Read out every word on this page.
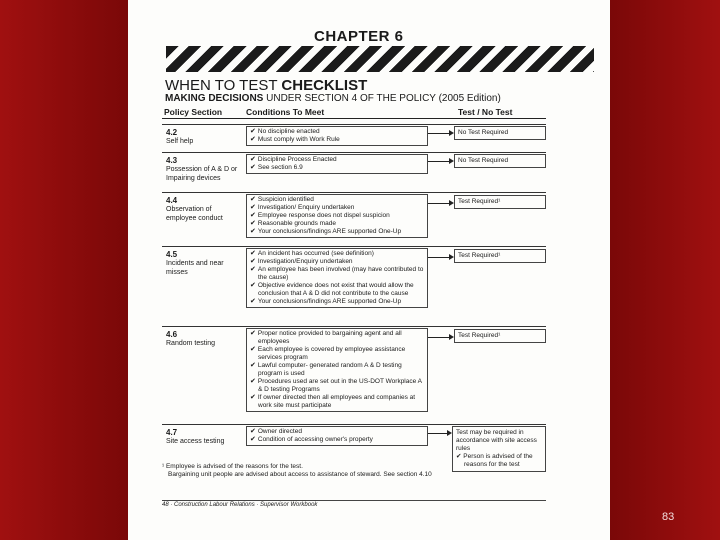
CHAPTER 6
WHEN TO TEST CHECKLIST
MAKING DECISIONS UNDER SECTION 4 OF THE POLICY (2005 Edition)
Policy Section	Conditions To Meet	Test / No Test
4.2
Self help
✔ No discipline enacted
✔ Must comply with Work Rule
No Test Required
4.3
Possession of A & D or Impairing devices
✔ Discipline Process Enacted
✔ See section 6.9
No Test Required
4.4
Observation of employee conduct
✔ Suspicion identified
✔ Investigation/ Enquiry undertaken
✔ Employee response does not dispel suspicion
✔ Reasonable grounds made
✔ Your conclusions/findings ARE supported One-Up
Test Required¹
4.5
Incidents and near misses
✔ An incident has occurred (see definition)
✔ Investigation/Enquiry undertaken
✔ An employee has been involved (may have contributed to the cause)
✔ Objective evidence does not exist that would allow the conclusion that A & D did not contribute to the cause
✔ Your conclusions/findings ARE supported One-Up
Test Required¹
4.6
Random testing
✔ Proper notice provided to bargaining agent and all employees
✔ Each employee is covered by employee assistance services program
✔ Lawful computer- generated random A & D testing program is used
✔ Procedures used are set out in the US-DOT Workplace A & D testing Programs
✔ If owner directed then all employees and companies at work site must participate
Test Required¹
4.7
Site access testing
✔ Owner directed
✔ Condition of accessing owner's property
Test may be required in accordance with site access rules
✔ Person is advised of the reasons for the test
¹ Employee is advised of the reasons for the test.
Bargaining unit people are advised about access to assistance of steward. See section 4.10
48 · Construction Labour Relations · Supervisor Workbook
83
